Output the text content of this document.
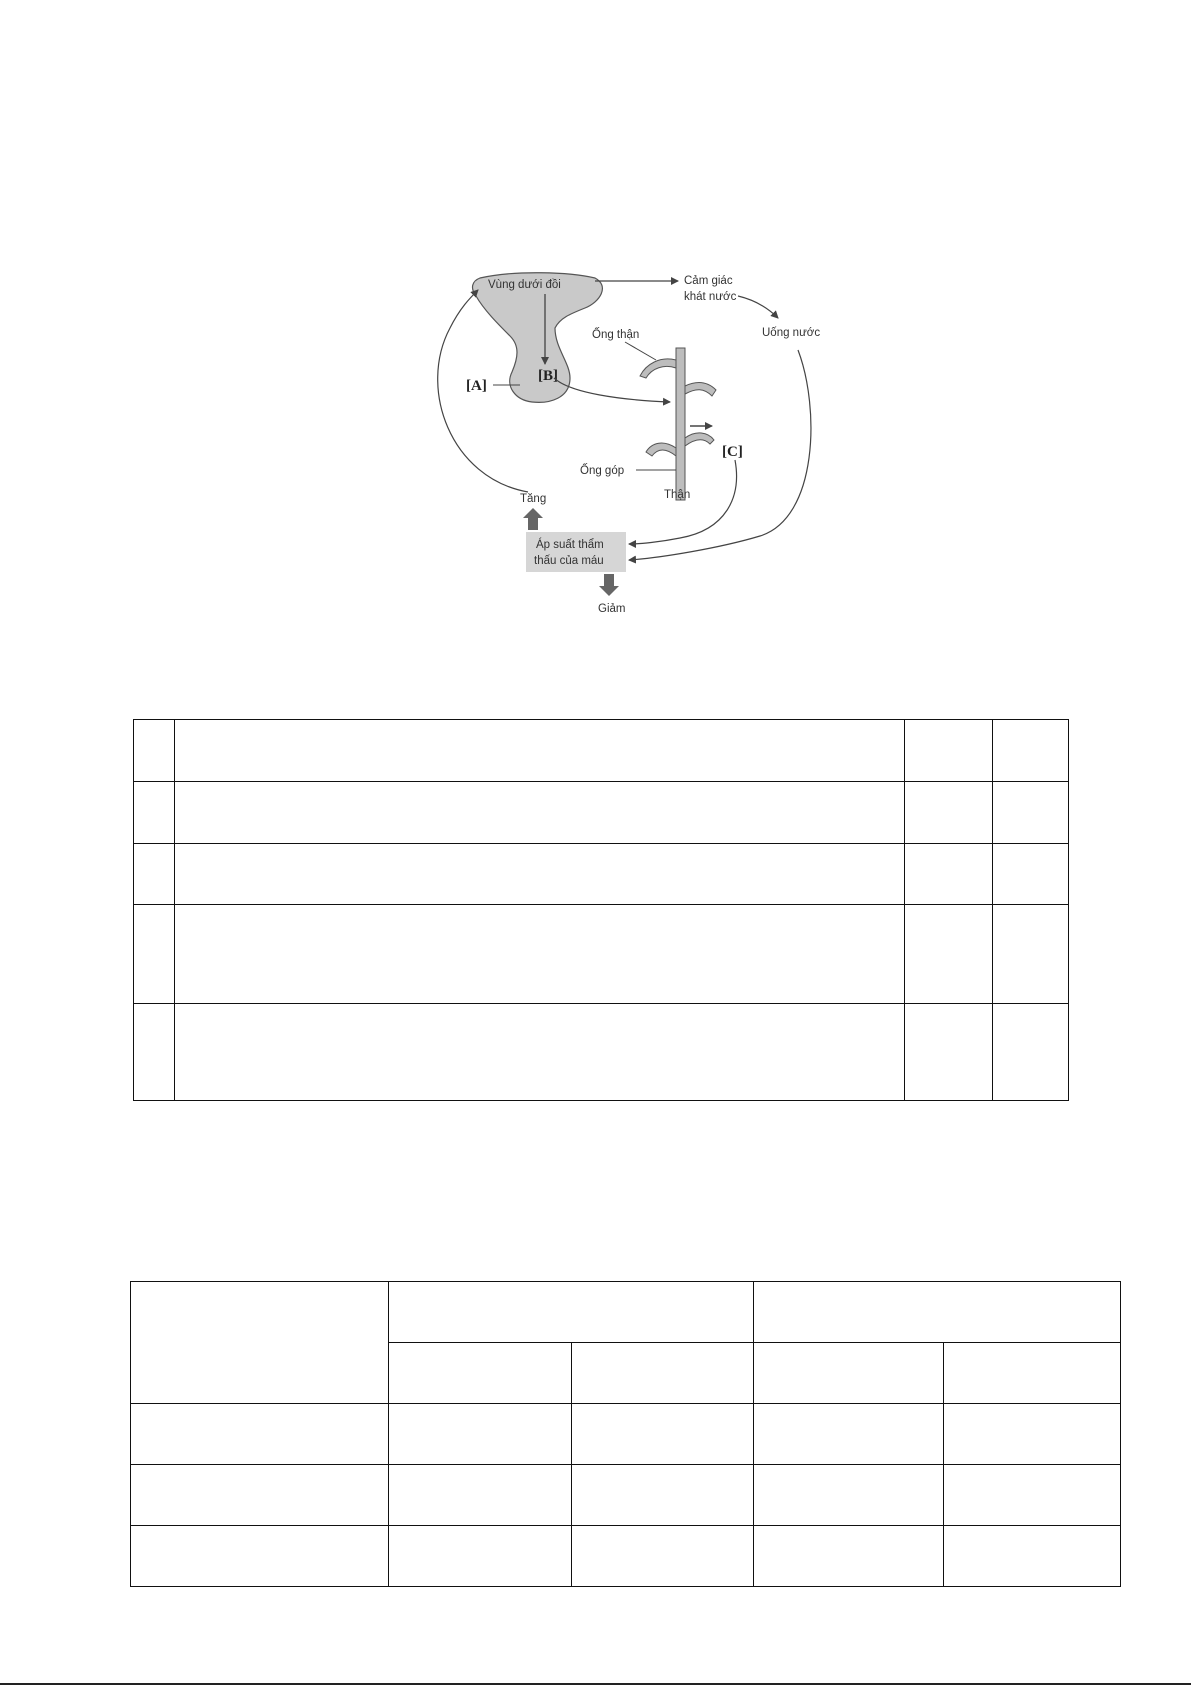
Vùng dưới đồi
[B]
[A]
Cảm giác
khát nước
Uống nước
Ống thận
Ống góp
Thận
[C]
Áp suất thẩm
thấu của máu
Tăng
Giảm
